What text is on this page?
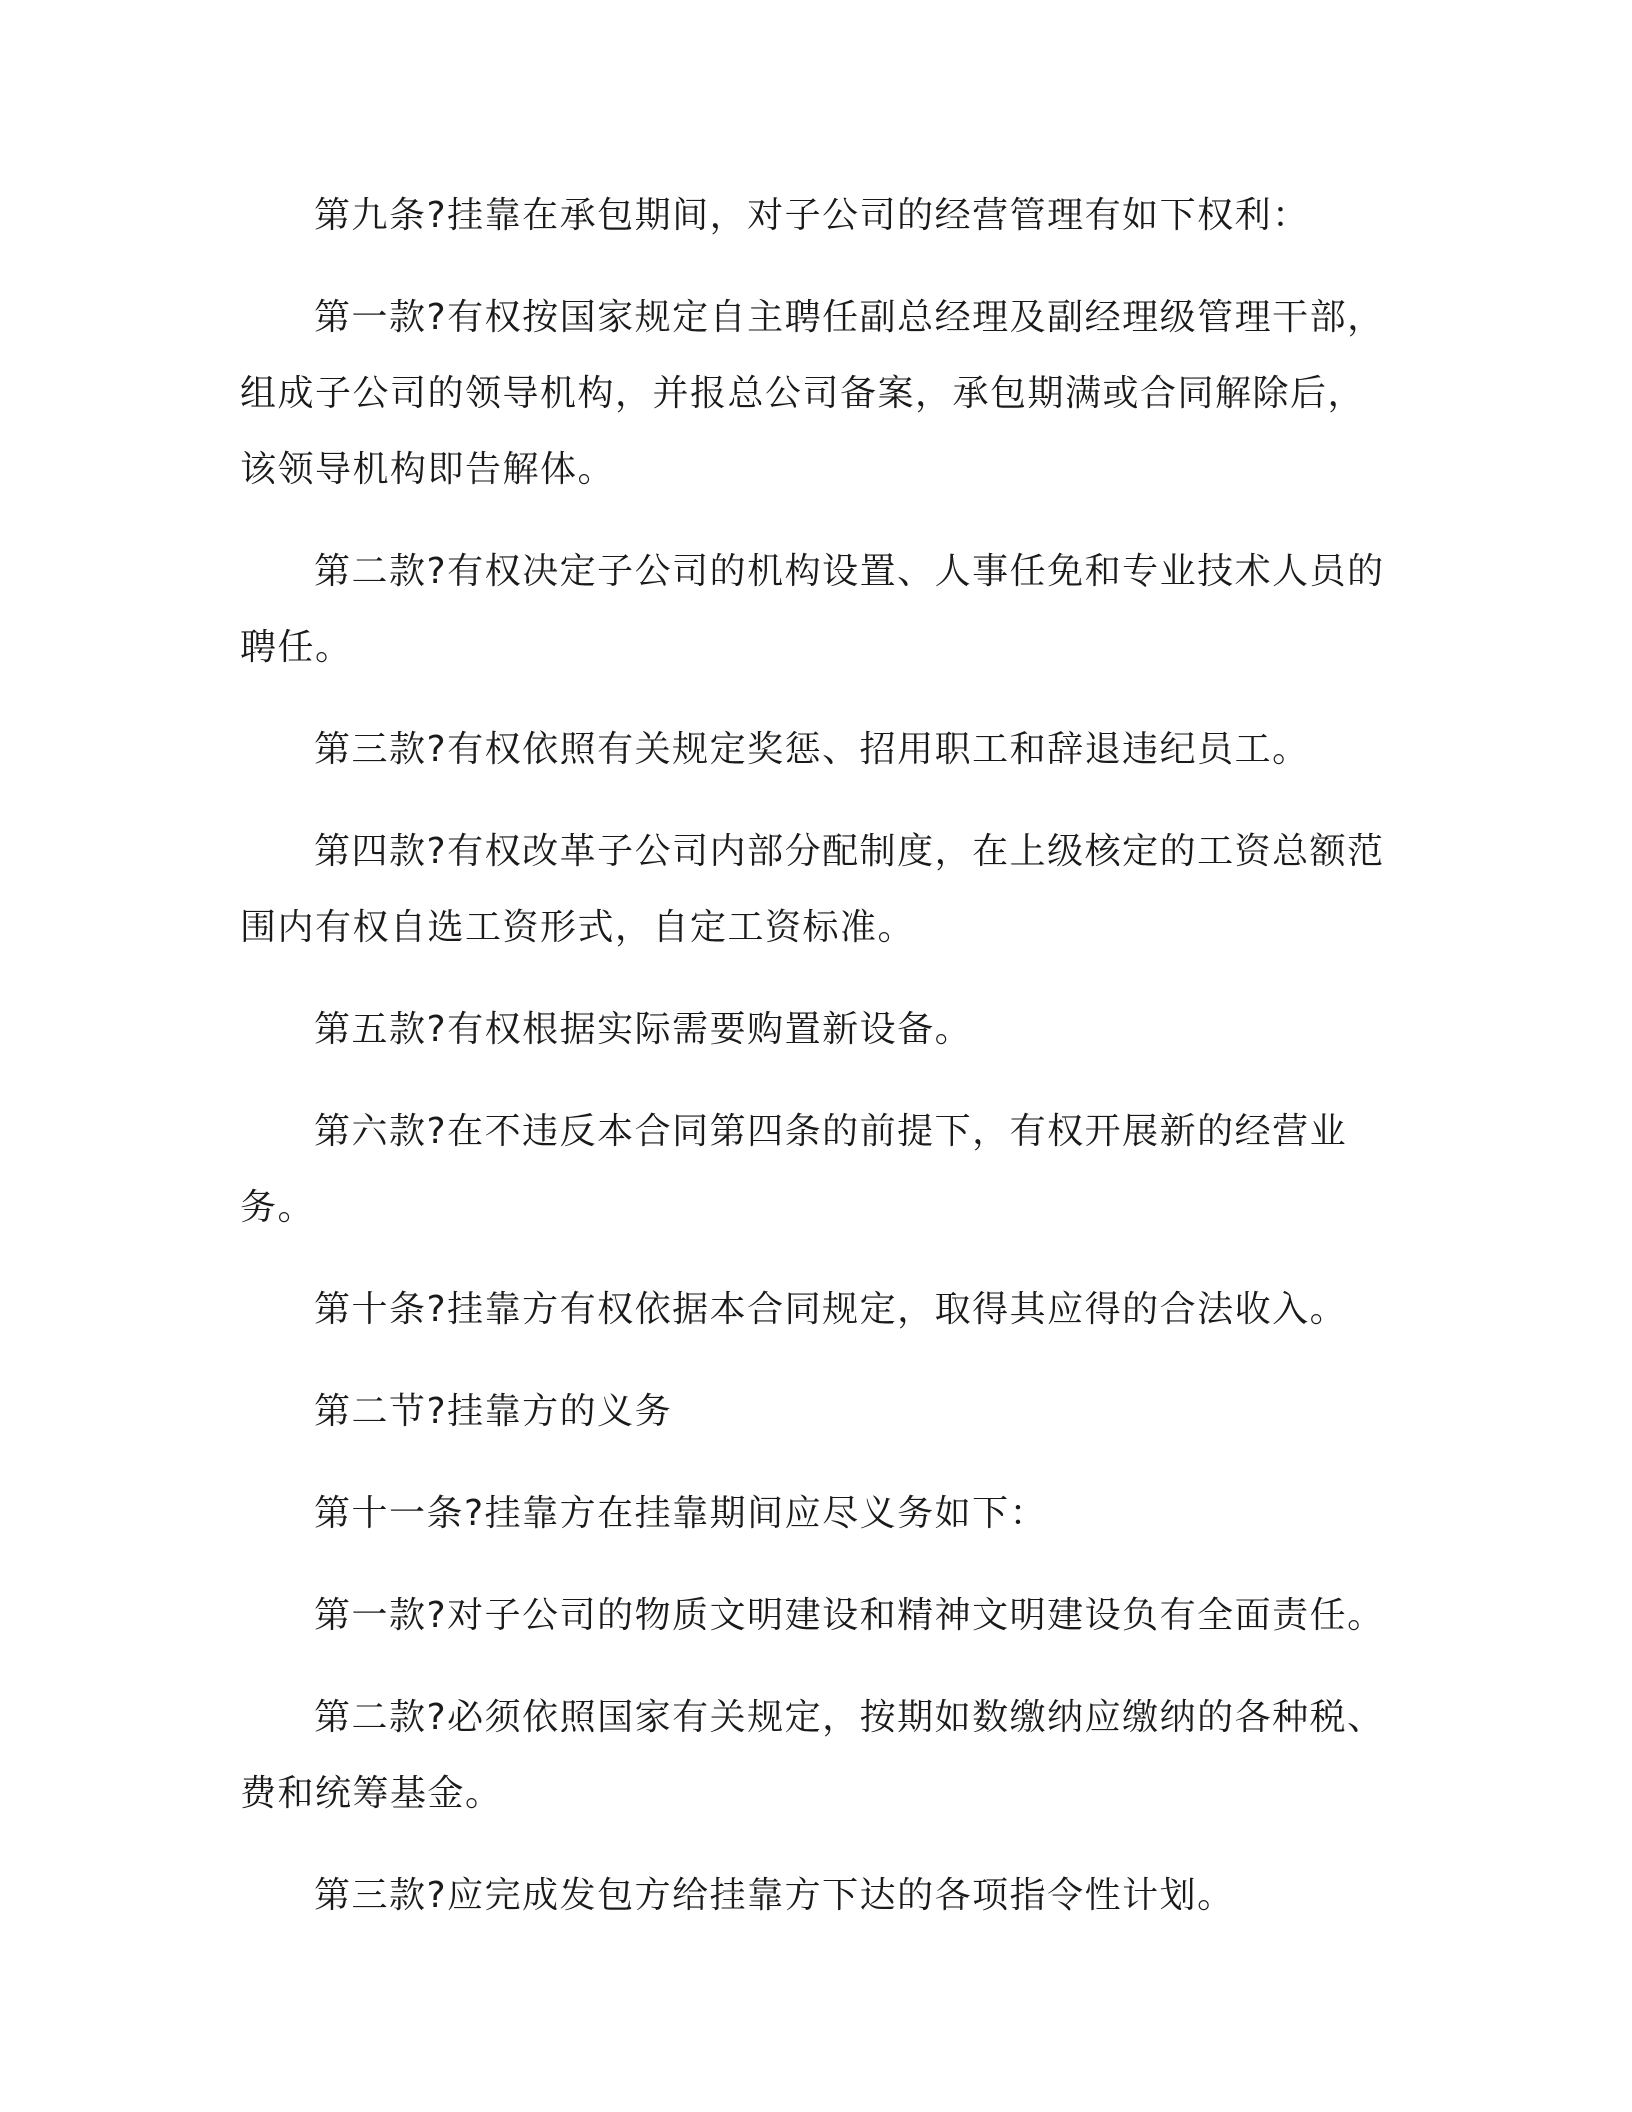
第九条?挂靠在承包期间，对子公司的经营管理有如下权利：

第一款?有权按国家规定自主聘任副总经理及副经理级管理干部，组成子公司的领导机构，并报总公司备案，承包期满或合同解除后，该领导机构即告解体。

第二款?有权决定子公司的机构设置、人事任免和专业技术人员的聘任。

第三款?有权依照有关规定奖惩、招用职工和辞退违纪员工。

第四款?有权改革子公司内部分配制度，在上级核定的工资总额范围内有权自选工资形式，自定工资标准。

第五款?有权根据实际需要购置新设备。

第六款?在不违反本合同第四条的前提下，有权开展新的经营业务。

第十条?挂靠方有权依据本合同规定，取得其应得的合法收入。

第二节?挂靠方的义务

第十一条?挂靠方在挂靠期间应尽义务如下：

第一款?对子公司的物质文明建设和精神文明建设负有全面责任。

第二款?必须依照国家有关规定，按期如数缴纳应缴纳的各种税、费和统筹基金。

第三款?应完成发包方给挂靠方下达的各项指令性计划。
